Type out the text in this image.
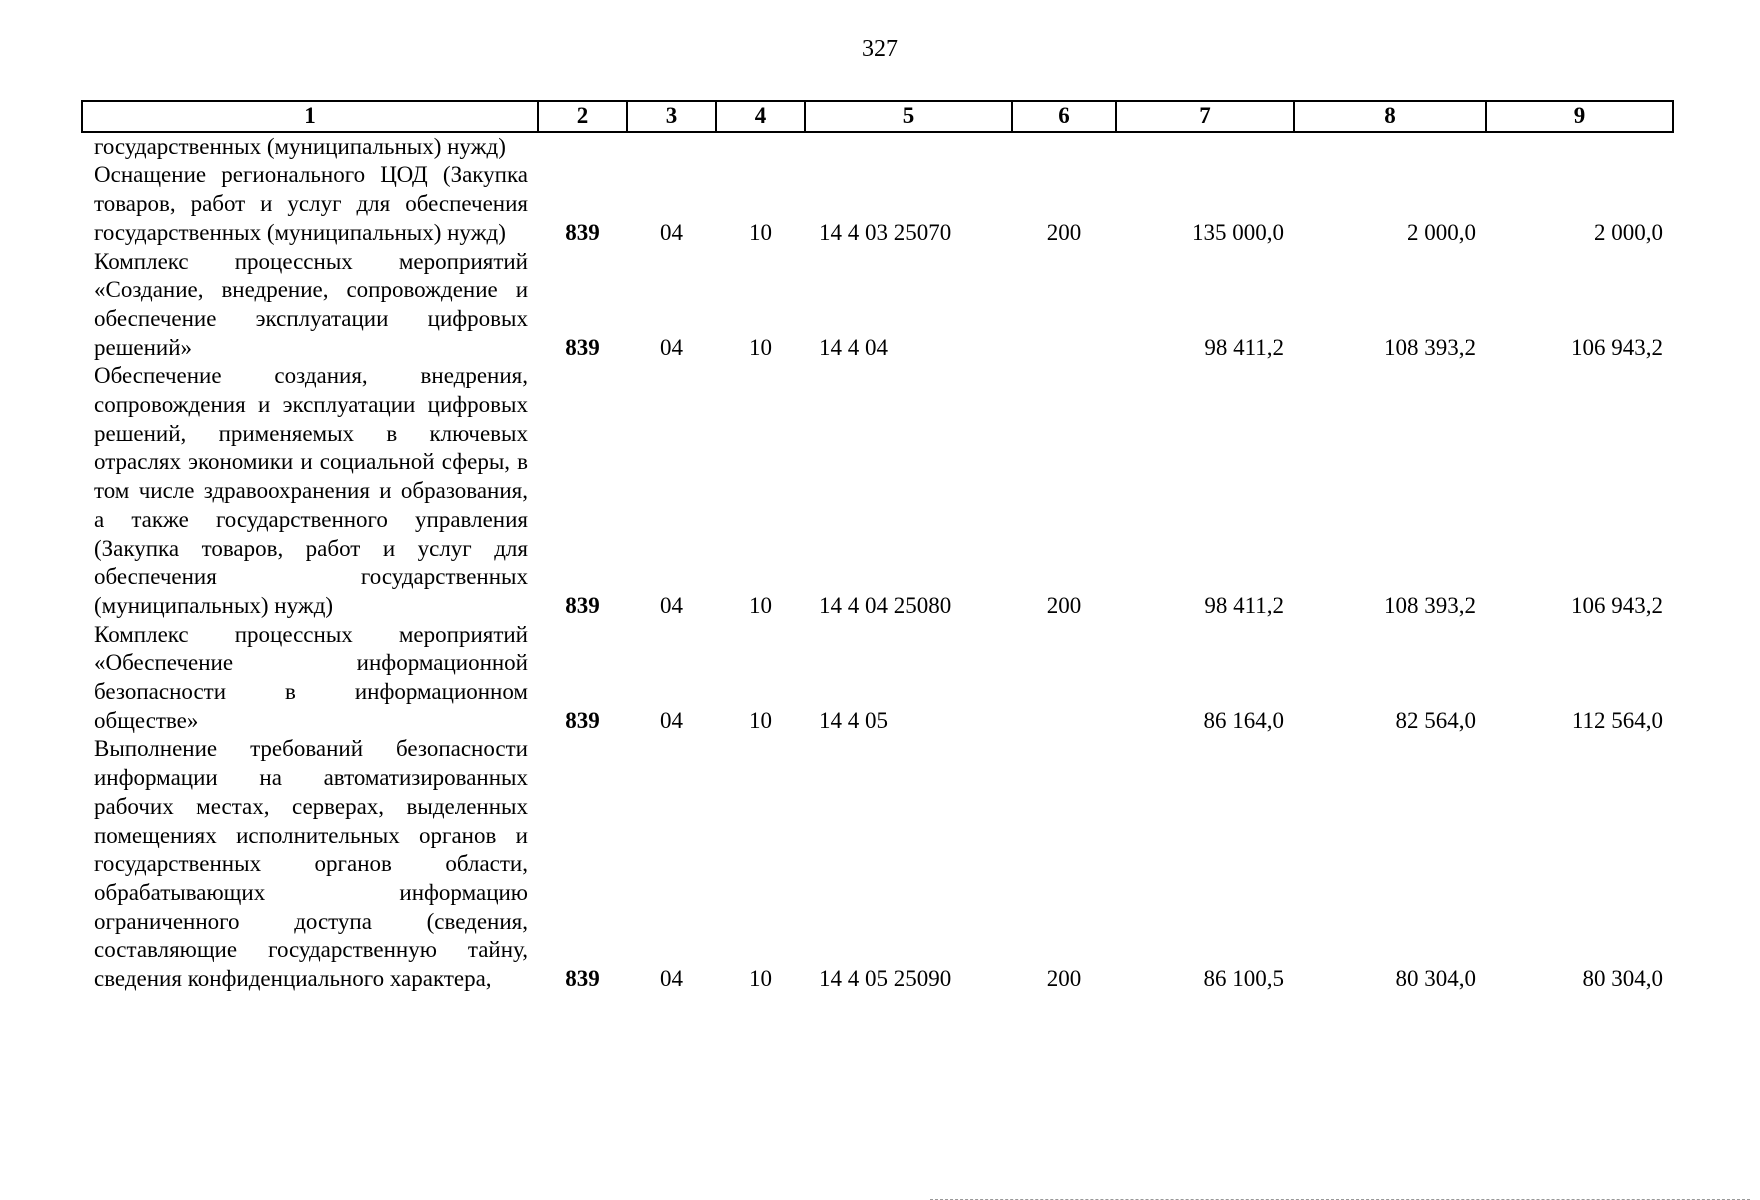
327
1	2	3	4	5	6	7	8	9
государственных (муниципальных) нужд)								
Оснащение регионального ЦОД (Закупка товаров, работ и услуг для обеспечения государственных (муниципальных) нужд)	839	04	10	14 4 03 25070	200	135 000,0	2 000,0	2 000,0
Комплекс процессных мероприятий «Создание, внедрение, сопровождение и обеспечение эксплуатации цифровых решений»	839	04	10	14 4 04		98 411,2	108 393,2	106 943,2
Обеспечение создания, внедрения, сопровождения и эксплуатации цифровых решений, применяемых в ключевых отраслях экономики и социальной сферы, в том числе здравоохранения и образования, а также государственного управления (Закупка товаров, работ и услуг для обеспечения государственных (муниципальных) нужд)	839	04	10	14 4 04 25080	200	98 411,2	108 393,2	106 943,2
Комплекс процессных мероприятий «Обеспечение информационной безопасности в информационном обществе»	839	04	10	14 4 05		86 164,0	82 564,0	112 564,0
Выполнение требований безопасности информации на автоматизированных рабочих местах, серверах, выделенных помещениях исполнительных органов и государственных органов области, обрабатывающих информацию ограниченного доступа (сведения, составляющие государственную тайну, сведения конфиденциального характера,	839	04	10	14 4 05 25090	200	86 100,5	80 304,0	80 304,0
